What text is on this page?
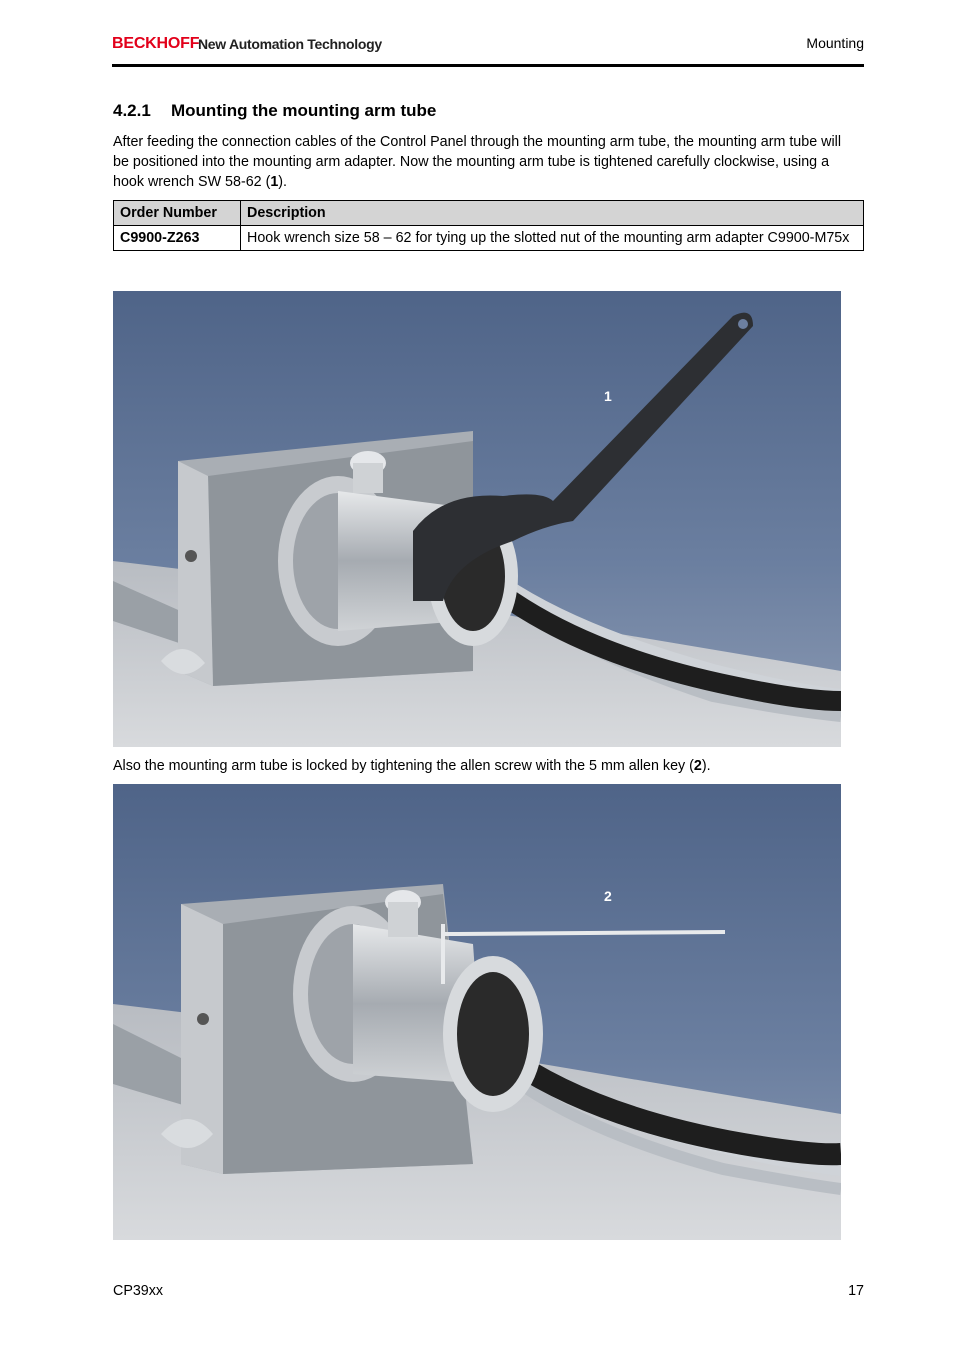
BECKHOFF
New Automation Technology	Mounting
4.2.1 Mounting the mounting arm tube
After feeding the connection cables of the Control Panel through the mounting arm tube, the mounting arm tube will be positioned into the mounting arm adapter. Now the mounting arm tube is tightened carefully clockwise, using a hook wrench SW 58-62 (1).
Order Number	Description
C9900-Z263	Hook wrench size 58 – 62 for tying up the slotted nut of the mounting arm adapter C9900-M75x
1
Also the mounting arm tube is locked by tightening the allen screw with the 5 mm allen key (2).
2
CP39xx	17
